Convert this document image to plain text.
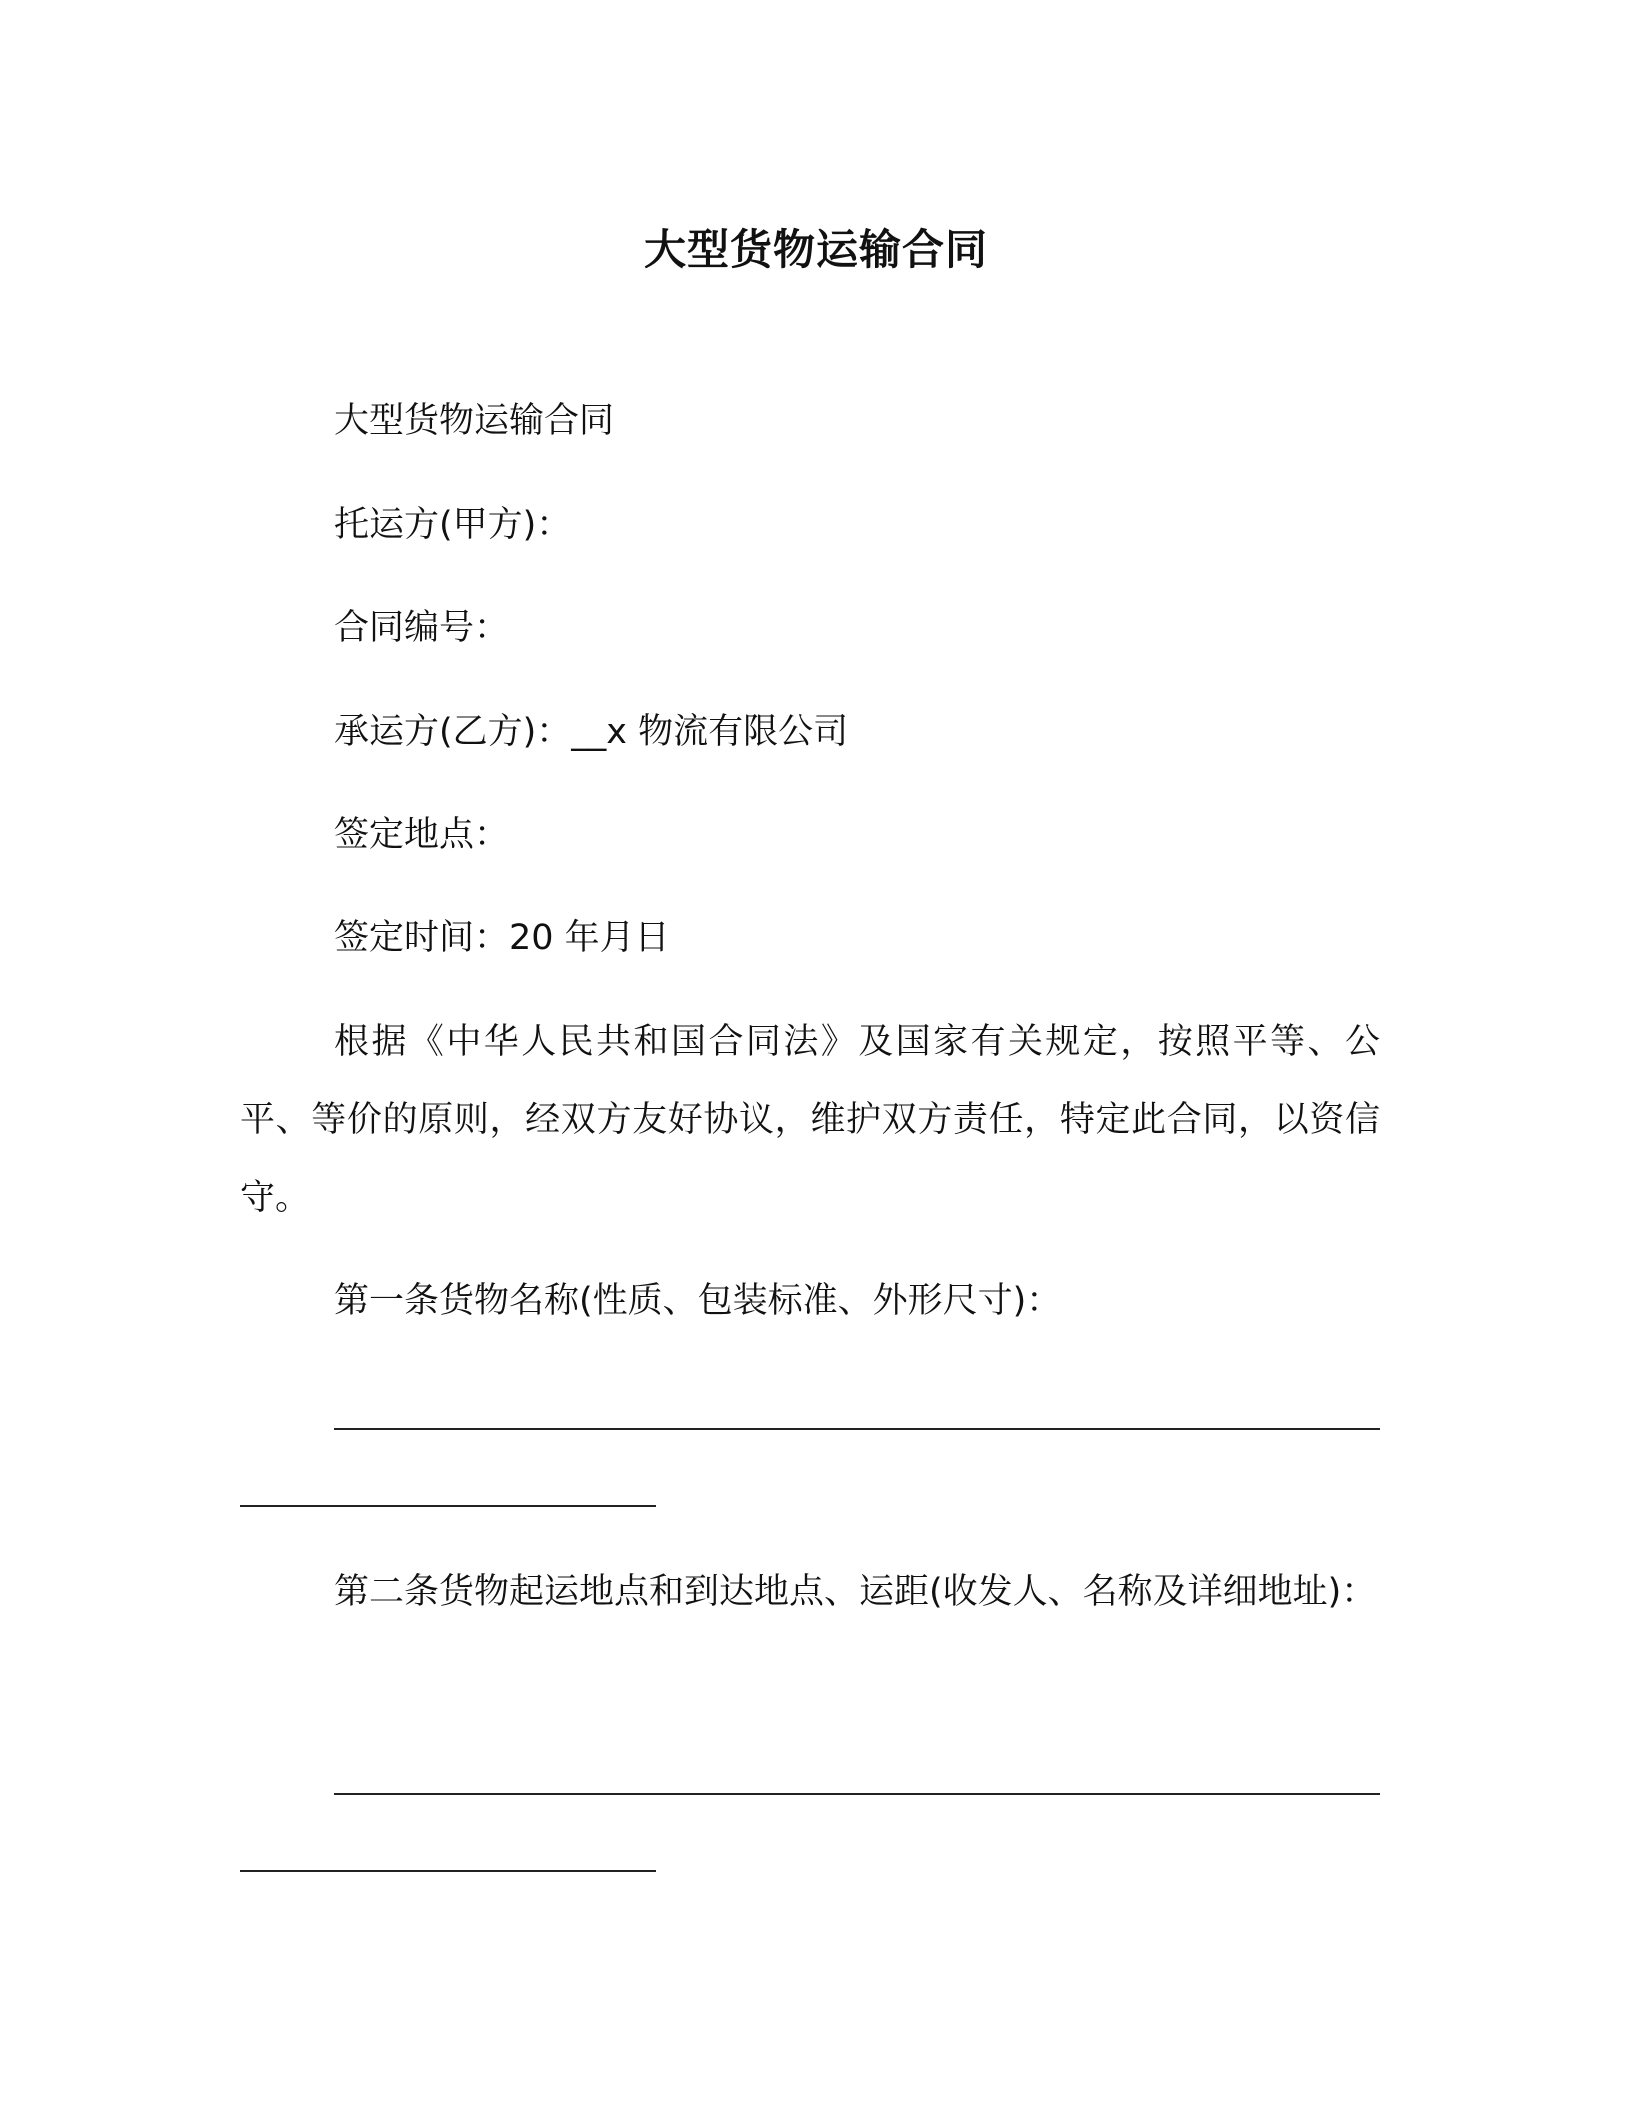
大型货物运输合同
大型货物运输合同
托运方(甲方)：
合同编号：
承运方(乙方)：__x 物流有限公司
签定地点：
签定时间：20 年月日
根据《中华人民共和国合同法》及国家有关规定，按照平等、公平、等价的原则，经双方友好协议，维护双方责任，特定此合同，以资信守。
第一条货物名称(性质、包装标准、外形尺寸)：
第二条货物起运地点和到达地点、运距(收发人、名称及详细地址)：
